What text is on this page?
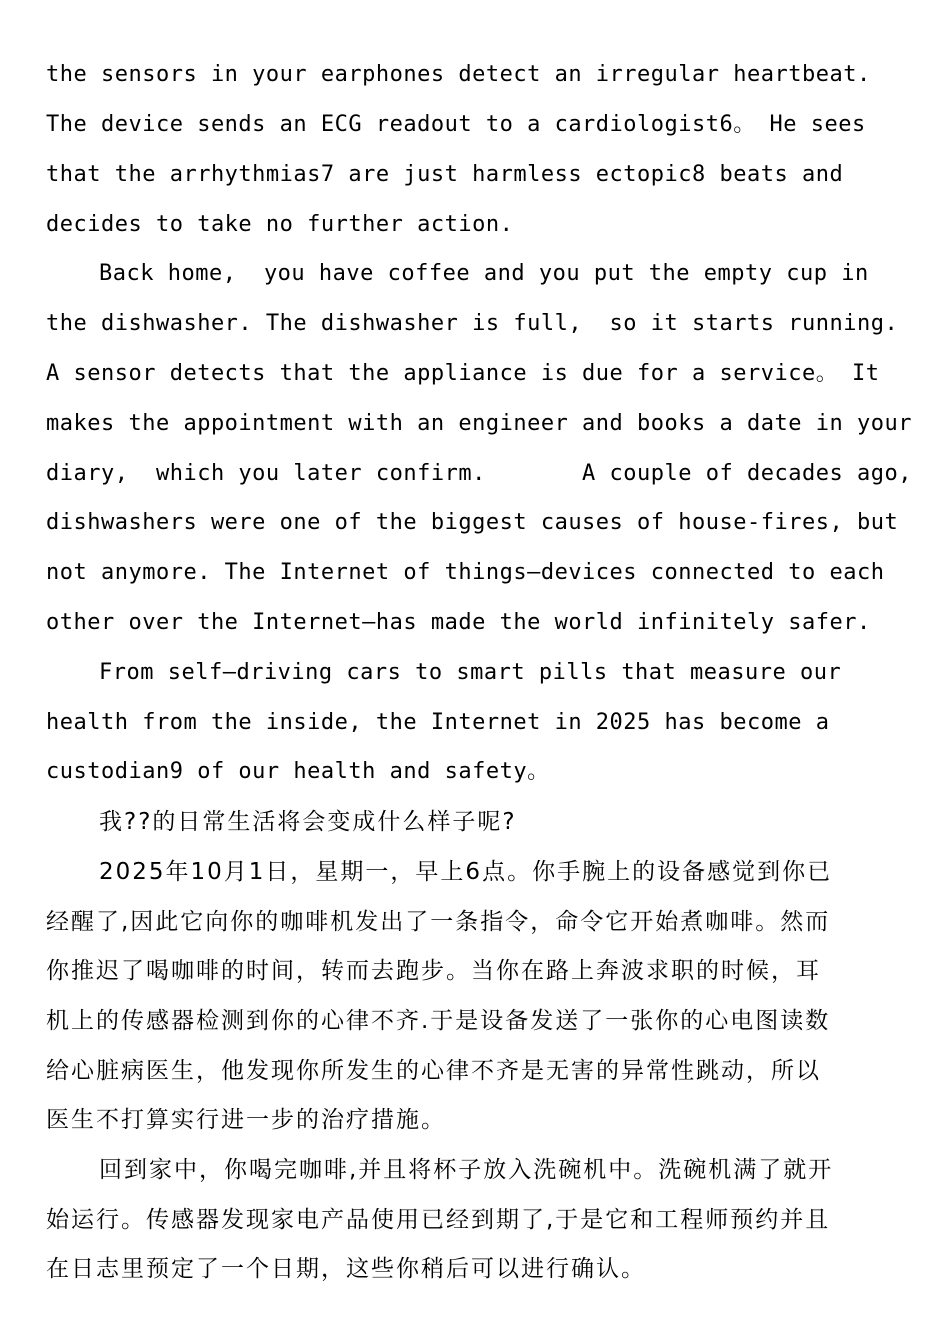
the sensors in your earphones detect an irregular heartbeat.
The device sends an ECG readout to a cardiologist6。 He sees
that the arrhythmias7 are just harmless ectopic8 beats and
decides to take no further action.
Back home,  you have coffee and you put the empty cup in
the dishwasher. The dishwasher is full,  so it starts running.
A sensor detects that the appliance is due for a service。 It
makes the appointment with an engineer and books a date in your
diary,  which you later confirm.       A couple of decades ago,
dishwashers were one of the biggest causes of house-fires, but
not anymore. The Internet of things—devices connected to each
other over the Internet—has made the world infinitely safer.
From self—driving cars to smart pills that measure our
health from the inside, the Internet in 2025 has become a
custodian9 of our health and safety。
我??的日常生活将会变成什么样子呢?
2025年10月1日，星期一，早上6点。你手腕上的设备感觉到你已
经醒了,因此它向你的咖啡机发出了一条指令，命令它开始煮咖啡。然而
你推迟了喝咖啡的时间，转而去跑步。当你在路上奔波求职的时候，耳
机上的传感器检测到你的心律不齐.于是设备发送了一张你的心电图读数
给心脏病医生，他发现你所发生的心律不齐是无害的异常性跳动，所以
医生不打算实行进一步的治疗措施。
回到家中，你喝完咖啡,并且将杯子放入洗碗机中。洗碗机满了就开
始运行。传感器发现家电产品使用已经到期了,于是它和工程师预约并且
在日志里预定了一个日期，这些你稍后可以进行确认。
